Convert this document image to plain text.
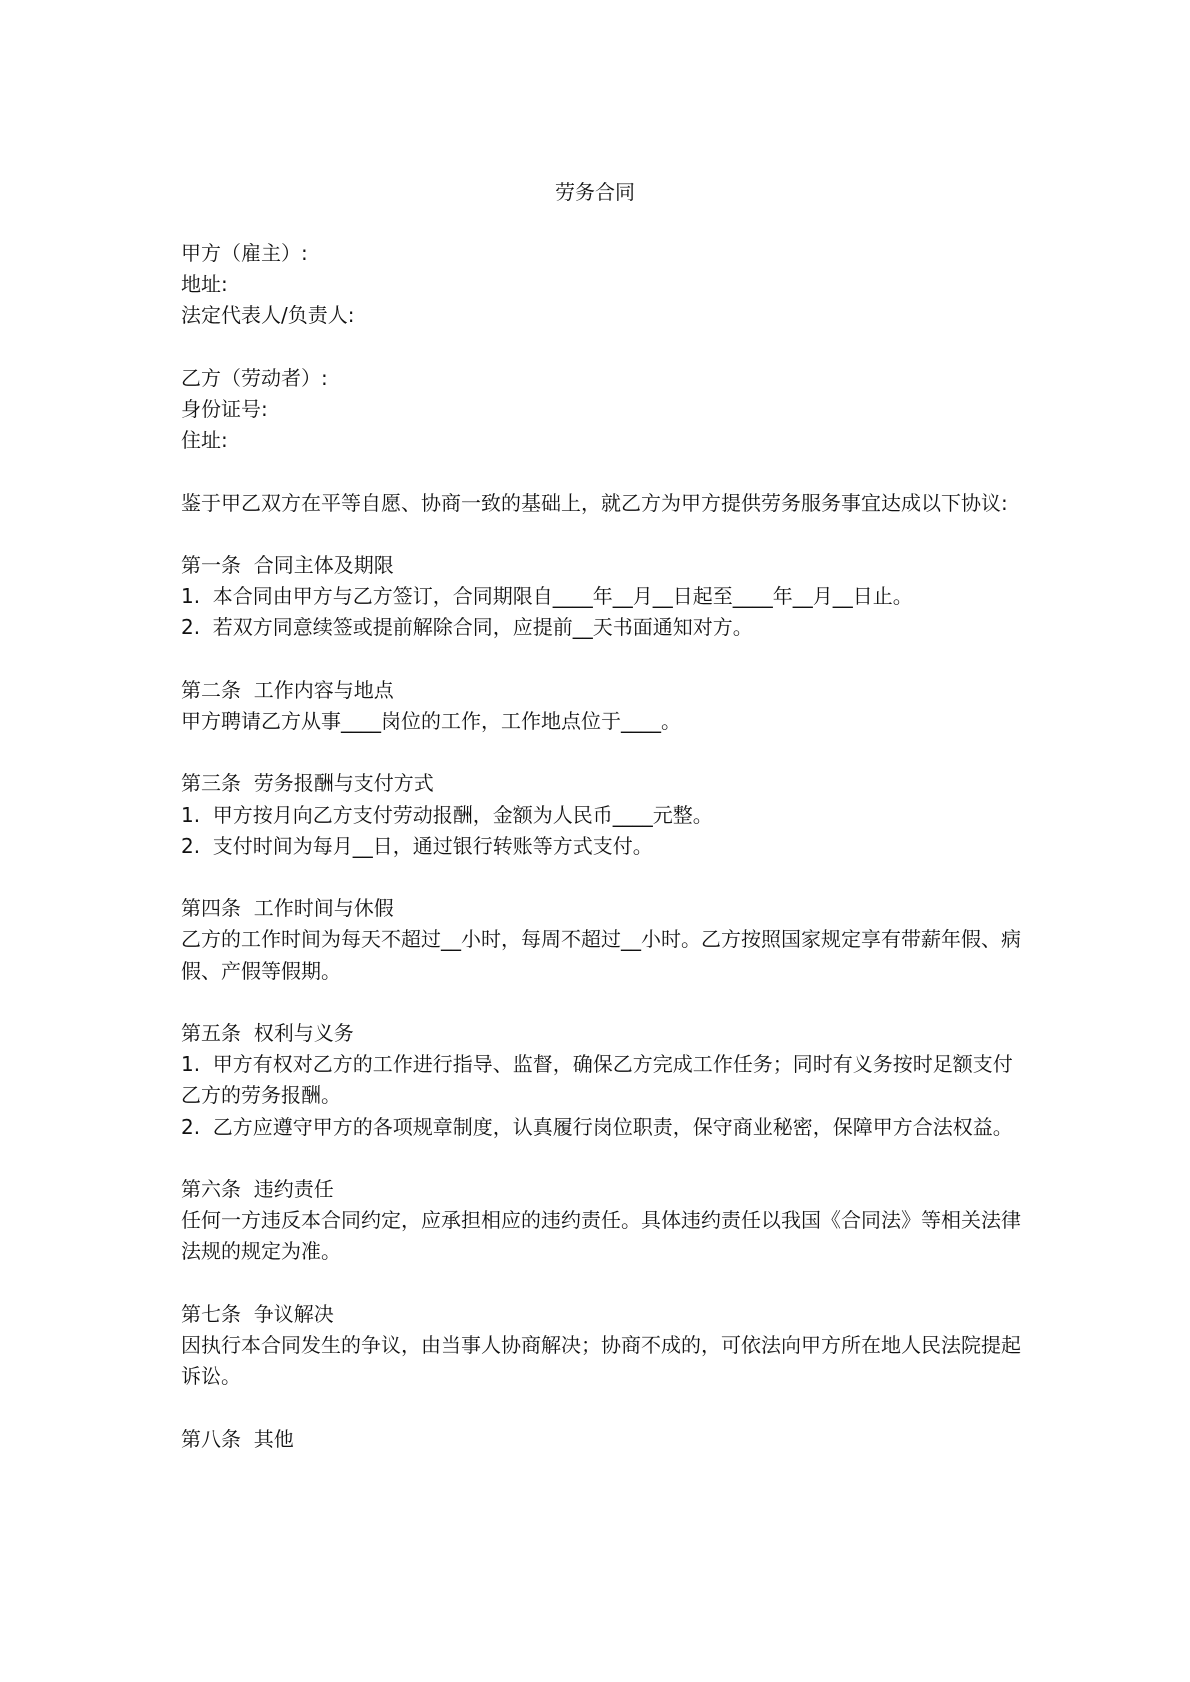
劳务合同
甲方（雇主）:
地址:
法定代表人/负责人:
乙方（劳动者）:
身份证号:
住址:
鉴于甲乙双方在平等自愿、协商一致的基础上，就乙方为甲方提供劳务服务事宜达成以下协议:
第一条  合同主体及期限
1.  本合同由甲方与乙方签订，合同期限自____年__月__日起至____年__月__日止。
2.  若双方同意续签或提前解除合同，应提前__天书面通知对方。
第二条  工作内容与地点
甲方聘请乙方从事____岗位的工作，工作地点位于____。
第三条  劳务报酬与支付方式
1.  甲方按月向乙方支付劳动报酬，金额为人民币____元整。
2.  支付时间为每月__日，通过银行转账等方式支付。
第四条  工作时间与休假
乙方的工作时间为每天不超过__小时，每周不超过__小时。乙方按照国家规定享有带薪年假、病假、产假等假期。
第五条  权利与义务
1.  甲方有权对乙方的工作进行指导、监督，确保乙方完成工作任务；同时有义务按时足额支付乙方的劳务报酬。
2.  乙方应遵守甲方的各项规章制度，认真履行岗位职责，保守商业秘密，保障甲方合法权益。
第六条  违约责任
任何一方违反本合同约定，应承担相应的违约责任。具体违约责任以我国《合同法》等相关法律法规的规定为准。
第七条  争议解决
因执行本合同发生的争议，由当事人协商解决；协商不成的，可依法向甲方所在地人民法院提起诉讼。
第八条  其他
